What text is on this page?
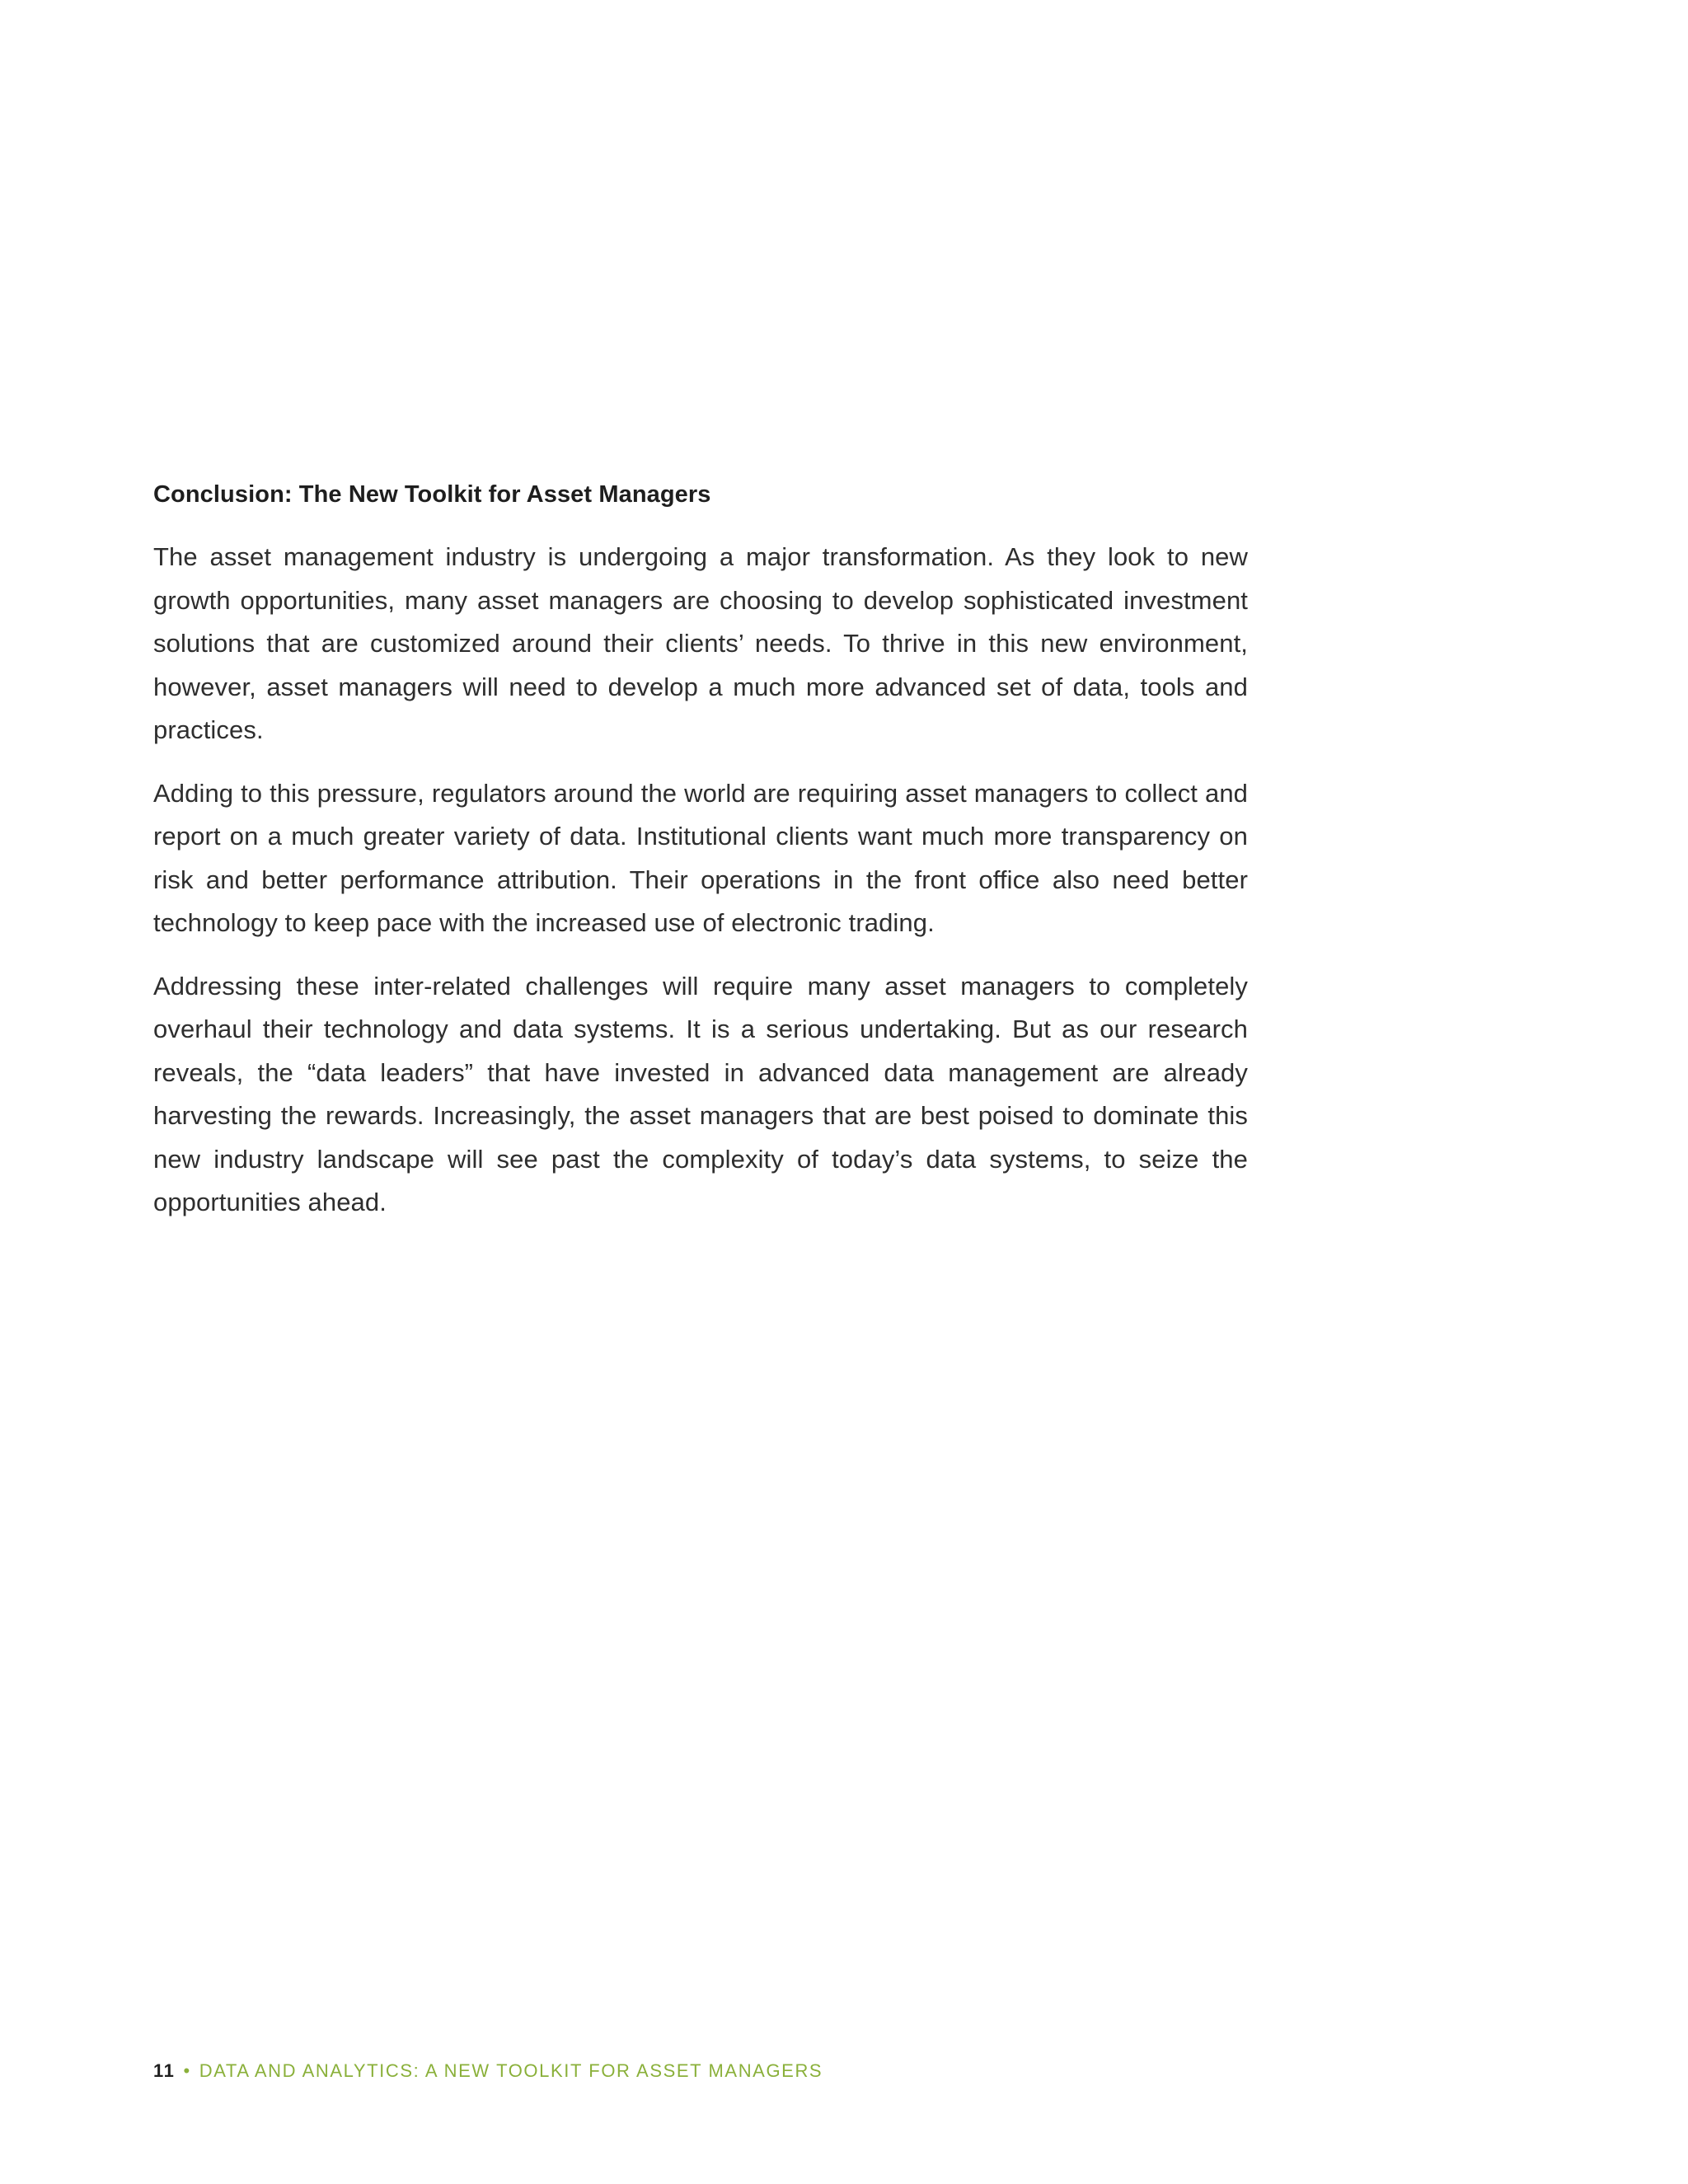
Conclusion: The New Toolkit for Asset Managers

The asset management industry is undergoing a major transformation. As they look to new growth opportunities, many asset managers are choosing to develop sophisticated investment solutions that are customized around their clients’ needs. To thrive in this new environment, however, asset managers will need to develop a much more advanced set of data, tools and practices.

Adding to this pressure, regulators around the world are requiring asset managers to collect and report on a much greater variety of data. Institutional clients want much more transparency on risk and better performance attribution. Their operations in the front office also need better technology to keep pace with the increased use of electronic trading.

Addressing these inter-related challenges will require many asset managers to completely overhaul their technology and data systems. It is a serious undertaking. But as our research reveals, the “data leaders” that have invested in advanced data management are already harvesting the rewards. Increasingly, the asset managers that are best poised to dominate this new industry landscape will see past the complexity of today’s data systems, to seize the opportunities ahead.

11 • DATA AND ANALYTICS: A NEW TOOLKIT FOR ASSET MANAGERS
